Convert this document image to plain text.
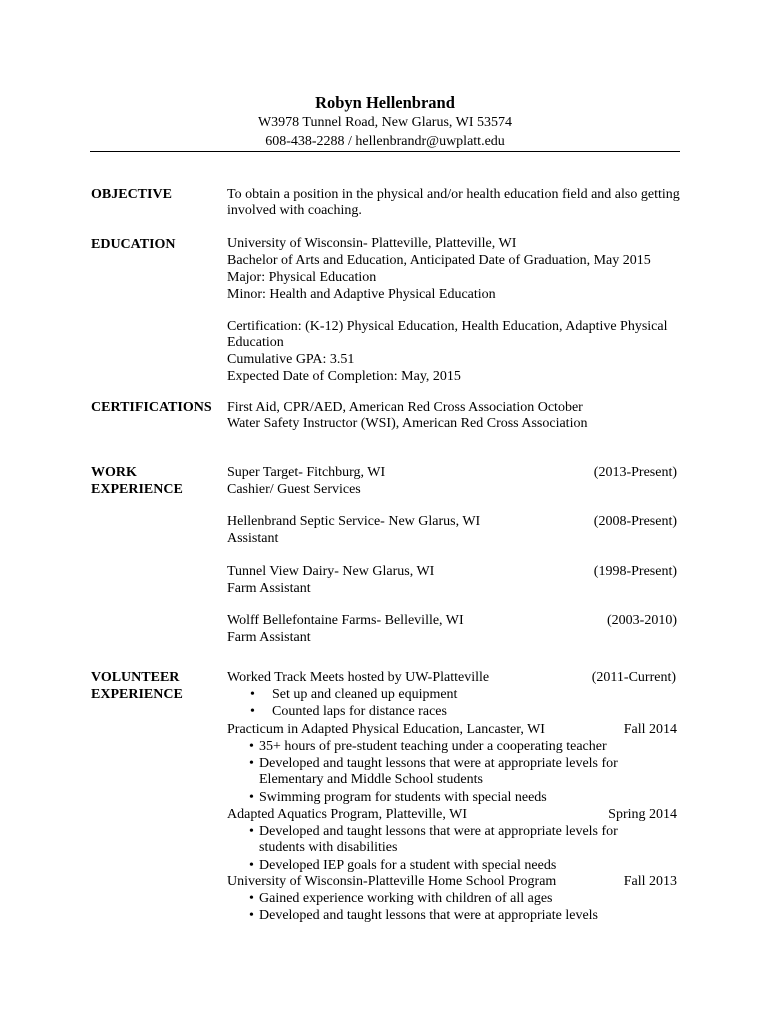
Robyn Hellenbrand
W3978 Tunnel Road, New Glarus, WI 53574
608-438-2288 / hellenbrandr@uwplatt.edu
OBJECTIVE	To obtain a position in the physical and/or health education field and also getting involved with coaching.
EDUCATION	University of Wisconsin- Platteville, Platteville, WI
Bachelor of Arts and Education, Anticipated Date of Graduation, May 2015
Major: Physical Education
Minor: Health and Adaptive Physical Education
Certification: (K-12) Physical Education, Health Education, Adaptive Physical Education
Cumulative GPA: 3.51
Expected Date of Completion: May, 2015
CERTIFICATIONS First Aid, CPR/AED, American Red Cross Association October
Water Safety Instructor (WSI), American Red Cross Association
WORK
EXPERIENCE
Super Target- Fitchburg, WI	(2013-Present)
Cashier/ Guest Services
Hellenbrand Septic Service- New Glarus, WI	(2008-Present)
Assistant
Tunnel View Dairy- New Glarus, WI	(1998-Present)
Farm Assistant
Wolff Bellefontaine Farms- Belleville, WI	(2003-2010)
Farm Assistant
VOLUNTEER
EXPERIENCE
Worked Track Meets hosted by UW-Platteville	(2011-Current)
• Set up and cleaned up equipment
• Counted laps for distance races
Practicum in Adapted Physical Education, Lancaster, WI	Fall 2014
• 35+ hours of pre-student teaching under a cooperating teacher
• Developed and taught lessons that were at appropriate levels for Elementary and Middle School students
• Swimming program for students with special needs
Adapted Aquatics Program, Platteville, WI	Spring 2014
• Developed and taught lessons that were at appropriate levels for students with disabilities
• Developed IEP goals for a student with special needs
University of Wisconsin-Platteville Home School Program	Fall 2013
• Gained experience working with children of all ages
• Developed and taught lessons that were at appropriate levels
